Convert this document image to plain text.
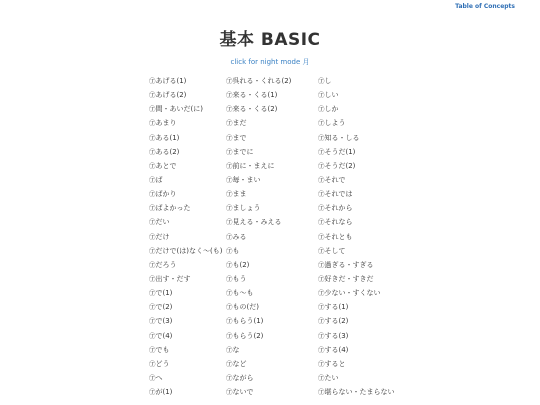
Table of Concepts
基本 BASIC
click for night mode 月
Ⓣあげる(1)
Ⓣあげる(2)
Ⓣ間・あいだ(に)
Ⓣあまり
Ⓣある(1)
Ⓣある(2)
Ⓣあとで
Ⓣば
Ⓣばかり
Ⓣばよかった
Ⓣだい
Ⓣだけ
Ⓣだけで(は)なく〜(も)
Ⓣだろう
Ⓣ出す・だす
Ⓣで(1)
Ⓣで(2)
Ⓣで(3)
Ⓣで(4)
Ⓣでも
Ⓣどう
Ⓣへ
Ⓣが(1)
Ⓣ呉れる・くれる(2)
Ⓣ来る・くる(1)
Ⓣ来る・くる(2)
Ⓣまだ
Ⓣまで
Ⓣまでに
Ⓣ前に・まえに
Ⓣ毎・まい
Ⓣまま
Ⓣましょう
Ⓣ見える・みえる
Ⓣみる
Ⓣも
Ⓣも(2)
Ⓣもう
Ⓣも〜も
Ⓣもの(だ)
Ⓣもらう(1)
Ⓣもらう(2)
Ⓣな
Ⓣなど
Ⓣながら
Ⓣないで
Ⓣし
Ⓣしい
Ⓣしか
Ⓣしよう
Ⓣ知る・しる
Ⓣそうだ(1)
Ⓣそうだ(2)
Ⓣそれで
Ⓣそれでは
Ⓣそれから
Ⓣそれなら
Ⓣそれとも
Ⓣそして
Ⓣ過ぎる・すぎる
Ⓣ好きだ・すきだ
Ⓣ少ない・すくない
Ⓣする(1)
Ⓣする(2)
Ⓣする(3)
Ⓣする(4)
Ⓣすると
Ⓣたい
Ⓣ堪らない・たまらない
